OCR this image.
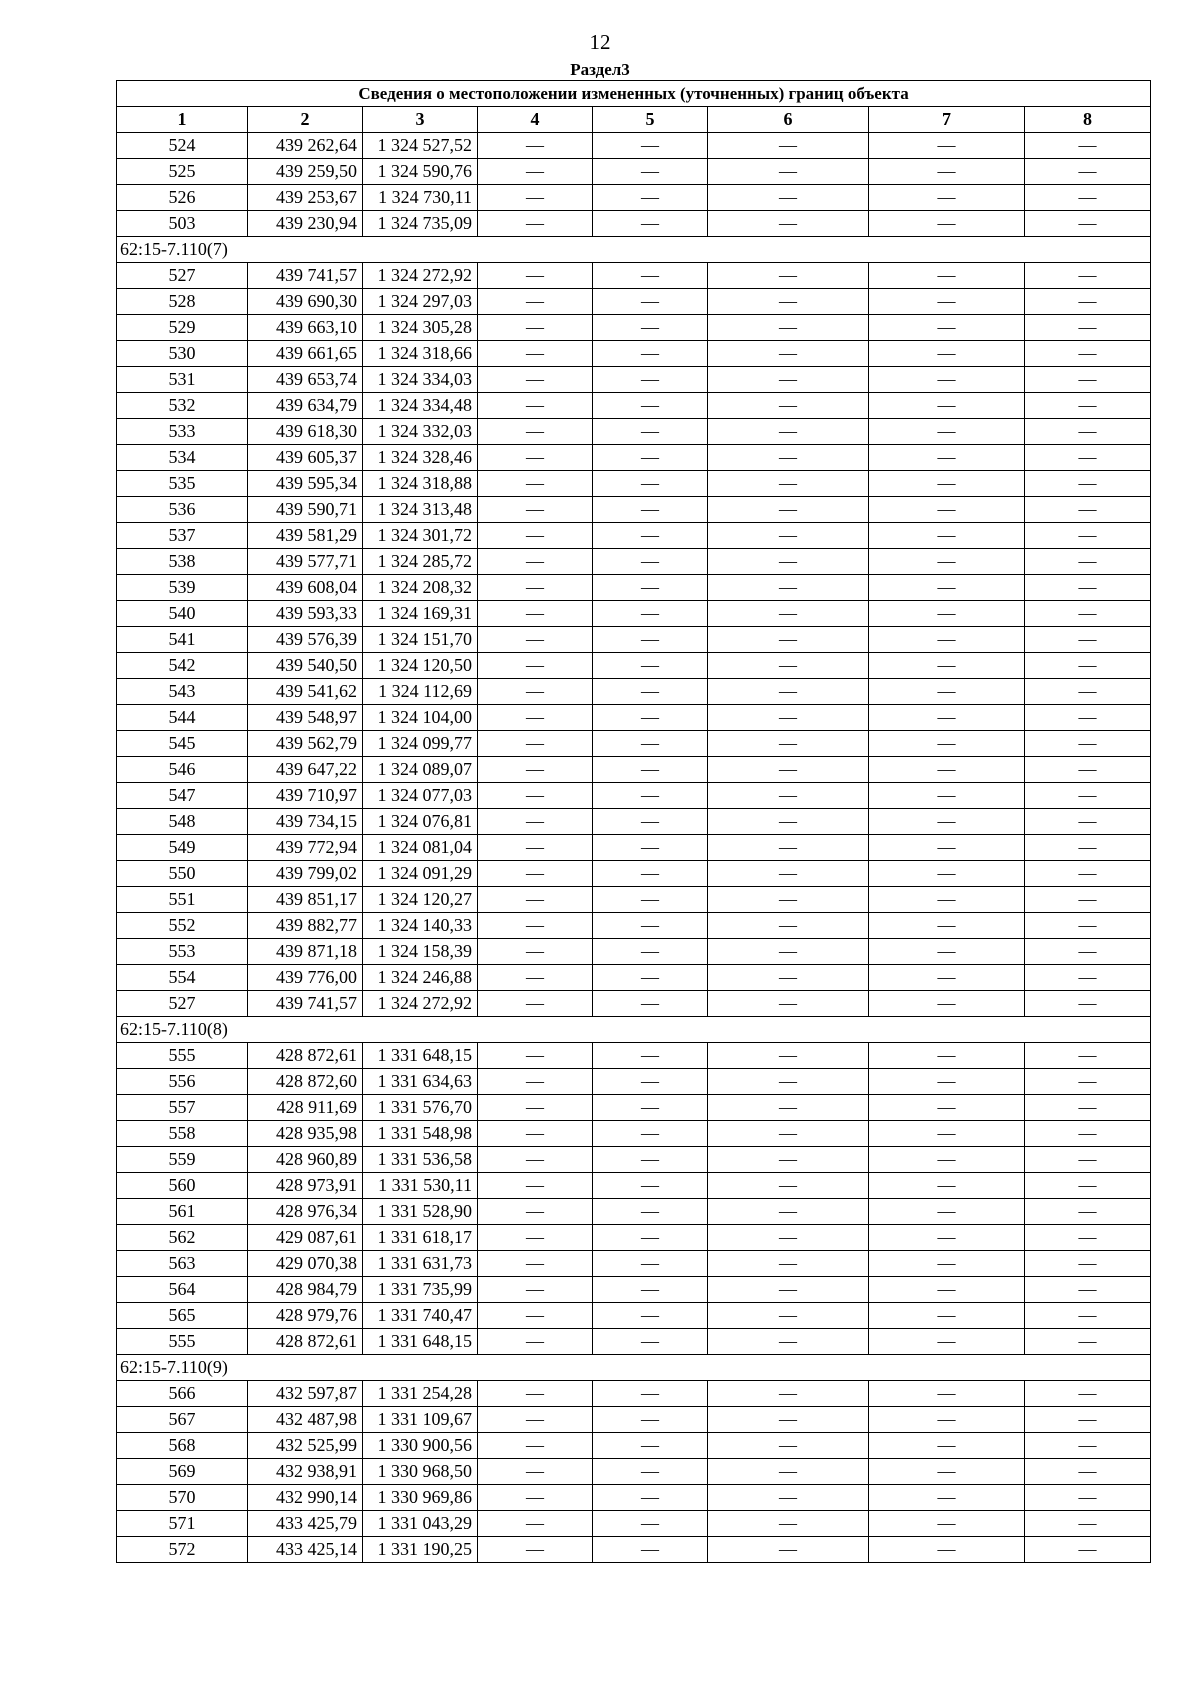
12
Раздел3
Сведения о местоположении измененных (уточненных) границ объекта							
1	2	3	4	5	6	7	8
524	439 262,64	1 324 527,52	—	—	—	—	—
525	439 259,50	1 324 590,76	—	—	—	—	—
526	439 253,67	1 324 730,11	—	—	—	—	—
503	439 230,94	1 324 735,09	—	—	—	—	—
62:15-7.110(7)							
527	439 741,57	1 324 272,92	—	—	—	—	—
528	439 690,30	1 324 297,03	—	—	—	—	—
529	439 663,10	1 324 305,28	—	—	—	—	—
530	439 661,65	1 324 318,66	—	—	—	—	—
531	439 653,74	1 324 334,03	—	—	—	—	—
532	439 634,79	1 324 334,48	—	—	—	—	—
533	439 618,30	1 324 332,03	—	—	—	—	—
534	439 605,37	1 324 328,46	—	—	—	—	—
535	439 595,34	1 324 318,88	—	—	—	—	—
536	439 590,71	1 324 313,48	—	—	—	—	—
537	439 581,29	1 324 301,72	—	—	—	—	—
538	439 577,71	1 324 285,72	—	—	—	—	—
539	439 608,04	1 324 208,32	—	—	—	—	—
540	439 593,33	1 324 169,31	—	—	—	—	—
541	439 576,39	1 324 151,70	—	—	—	—	—
542	439 540,50	1 324 120,50	—	—	—	—	—
543	439 541,62	1 324 112,69	—	—	—	—	—
544	439 548,97	1 324 104,00	—	—	—	—	—
545	439 562,79	1 324 099,77	—	—	—	—	—
546	439 647,22	1 324 089,07	—	—	—	—	—
547	439 710,97	1 324 077,03	—	—	—	—	—
548	439 734,15	1 324 076,81	—	—	—	—	—
549	439 772,94	1 324 081,04	—	—	—	—	—
550	439 799,02	1 324 091,29	—	—	—	—	—
551	439 851,17	1 324 120,27	—	—	—	—	—
552	439 882,77	1 324 140,33	—	—	—	—	—
553	439 871,18	1 324 158,39	—	—	—	—	—
554	439 776,00	1 324 246,88	—	—	—	—	—
527	439 741,57	1 324 272,92	—	—	—	—	—
62:15-7.110(8)							
555	428 872,61	1 331 648,15	—	—	—	—	—
556	428 872,60	1 331 634,63	—	—	—	—	—
557	428 911,69	1 331 576,70	—	—	—	—	—
558	428 935,98	1 331 548,98	—	—	—	—	—
559	428 960,89	1 331 536,58	—	—	—	—	—
560	428 973,91	1 331 530,11	—	—	—	—	—
561	428 976,34	1 331 528,90	—	—	—	—	—
562	429 087,61	1 331 618,17	—	—	—	—	—
563	429 070,38	1 331 631,73	—	—	—	—	—
564	428 984,79	1 331 735,99	—	—	—	—	—
565	428 979,76	1 331 740,47	—	—	—	—	—
555	428 872,61	1 331 648,15	—	—	—	—	—
62:15-7.110(9)							
566	432 597,87	1 331 254,28	—	—	—	—	—
567	432 487,98	1 331 109,67	—	—	—	—	—
568	432 525,99	1 330 900,56	—	—	—	—	—
569	432 938,91	1 330 968,50	—	—	—	—	—
570	432 990,14	1 330 969,86	—	—	—	—	—
571	433 425,79	1 331 043,29	—	—	—	—	—
572	433 425,14	1 331 190,25	—	—	—	—	—
